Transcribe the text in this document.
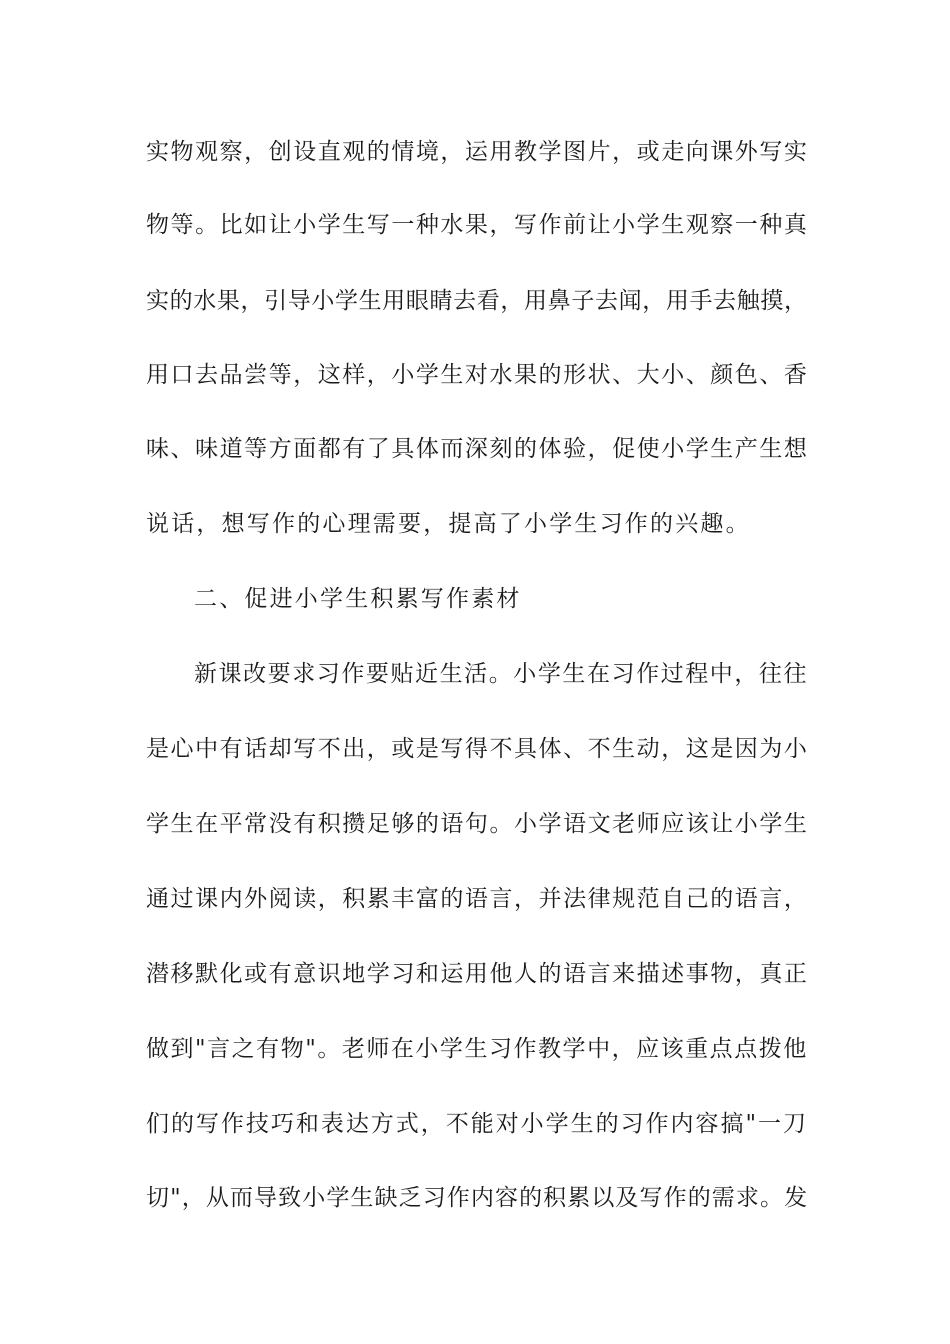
实物观察，创设直观的情境，运用教学图片，或走向课外写实
物等。比如让小学生写一种水果，写作前让小学生观察一种真
实的水果，引导小学生用眼睛去看，用鼻子去闻，用手去触摸，
用口去品尝等，这样，小学生对水果的形状、大小、颜色、香
味、味道等方面都有了具体而深刻的体验，促使小学生产生想
说话，想写作的心理需要，提高了小学生习作的兴趣。
二、促进小学生积累写作素材
新课改要求习作要贴近生活。小学生在习作过程中，往往
是心中有话却写不出，或是写得不具体、不生动，这是因为小
学生在平常没有积攒足够的语句。小学语文老师应该让小学生
通过课内外阅读，积累丰富的语言，并法律规范自己的语言，
潜移默化或有意识地学习和运用他人的语言来描述事物，真正
做到"言之有物"。老师在小学生习作教学中，应该重点点拨他
们的写作技巧和表达方式，不能对小学生的习作内容搞"一刀
切"，从而导致小学生缺乏习作内容的积累以及写作的需求。发
